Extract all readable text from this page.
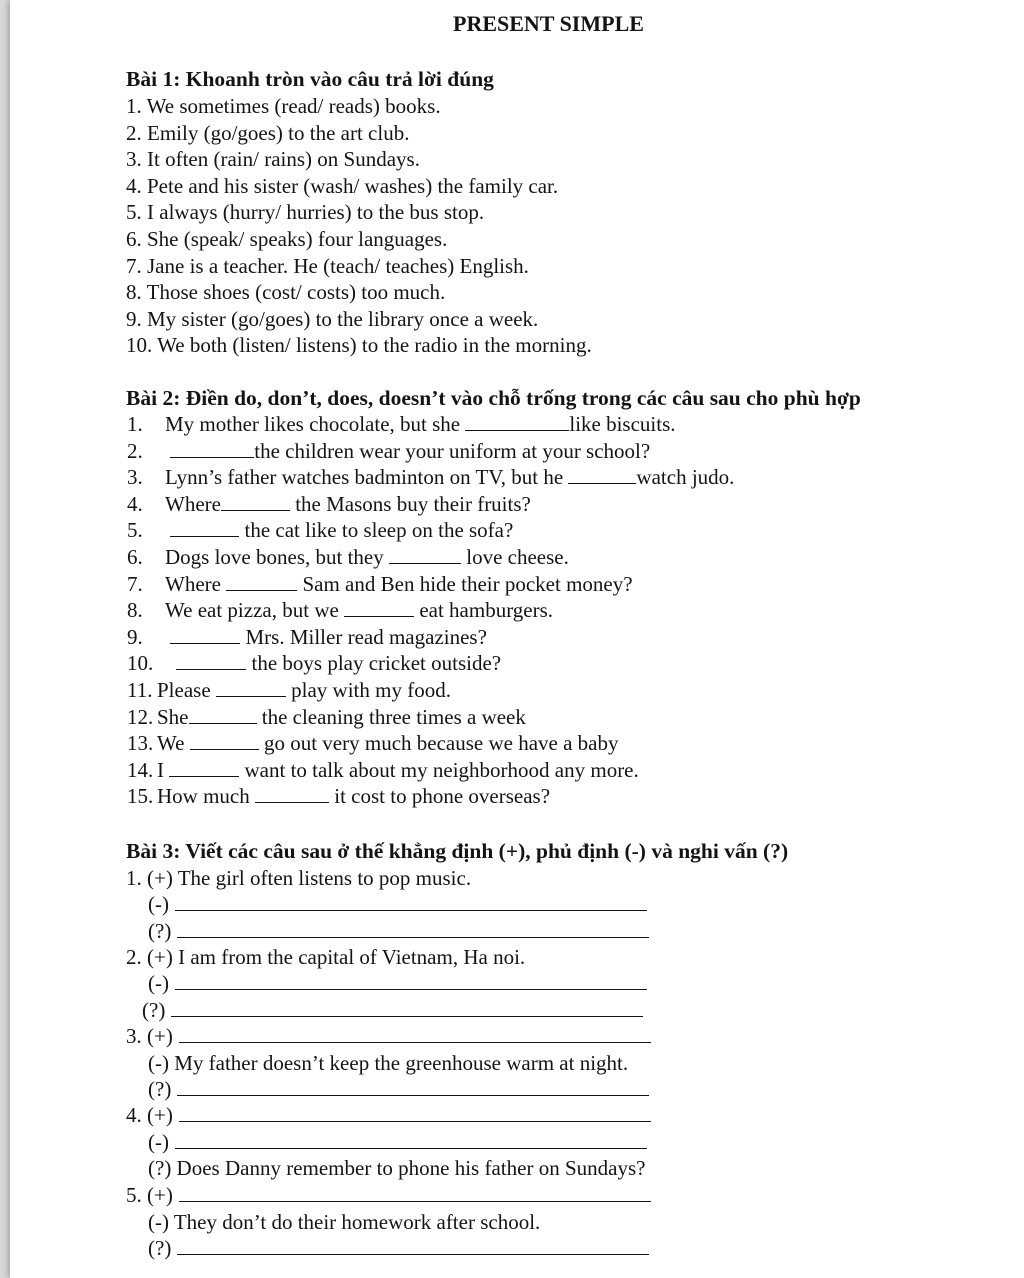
PRESENT SIMPLE
Bài 1: Khoanh tròn vào câu trả lời đúng
1. We sometimes (read/ reads) books.
2. Emily (go/goes) to the art club.
3. It often (rain/ rains) on Sundays.
4. Pete and his sister (wash/ washes) the family car.
5. I always (hurry/ hurries) to the bus stop.
6. She (speak/ speaks) four languages.
7. Jane is a teacher. He (teach/ teaches) English.
8. Those shoes (cost/ costs) too much.
9. My sister (go/goes) to the library once a week.
10. We both (listen/ listens) to the radio in the morning.
Bài 2: Điền do, don’t, does, doesn’t vào chỗ trống trong các câu sau cho phù hợp
1. My mother likes chocolate, but she	like biscuits.
2.	the children wear your uniform at your school?
3. Lynn’s father watches badminton on TV, but he	watch judo.
4. Where	the Masons buy their fruits?
5.	the cat like to sleep on the sofa?
6. Dogs love bones, but they	love cheese.
7. Where	Sam and Ben hide their pocket money?
8. We eat pizza, but we	eat hamburgers.
9.	Mrs. Miller read magazines?
10.	the boys play cricket outside?
11. Please	play with my food.
12. She	the cleaning three times a week
13. We	go out very much because we have a baby
14. I	want to talk about my neighborhood any more.
15. How much	it cost to phone overseas?
Bài 3: Viết các câu sau ở thế khẳng định (+), phủ định (-) và nghi vấn (?)
1. (+) The girl often listens to pop music.
(-)
(?)
2. (+) I am from the capital of Vietnam, Ha noi.
(-)
(?)
3. (+)
(-) My father doesn’t keep the greenhouse warm at night.
(?)
4. (+)
(-)
(?) Does Danny remember to phone his father on Sundays?
5. (+)
(-) They don’t do their homework after school.
(?)
